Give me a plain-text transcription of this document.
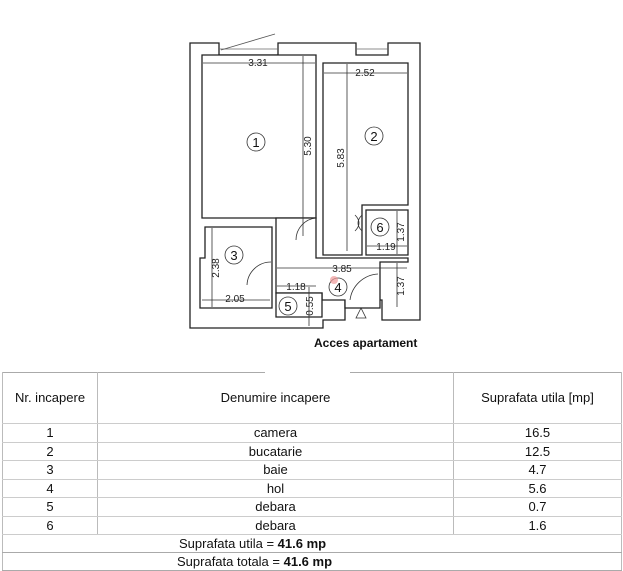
3.31
5.30
2.52
5.83
2.38
2.05
3.85
1.18
0.55
1.37
1.19
1.37
1	2
3
4
5
6
Acces apartament
Nr. incapere	Denumire incapere	Suprafata utila [mp]
1	camera	16.5
2	bucatarie	12.5
3	baie	4.7
4	hol	5.6
5	debara	0.7
6	debara	1.6
Suprafata utila = 41.6 mp		
Suprafata totala = 41.6 mp		
